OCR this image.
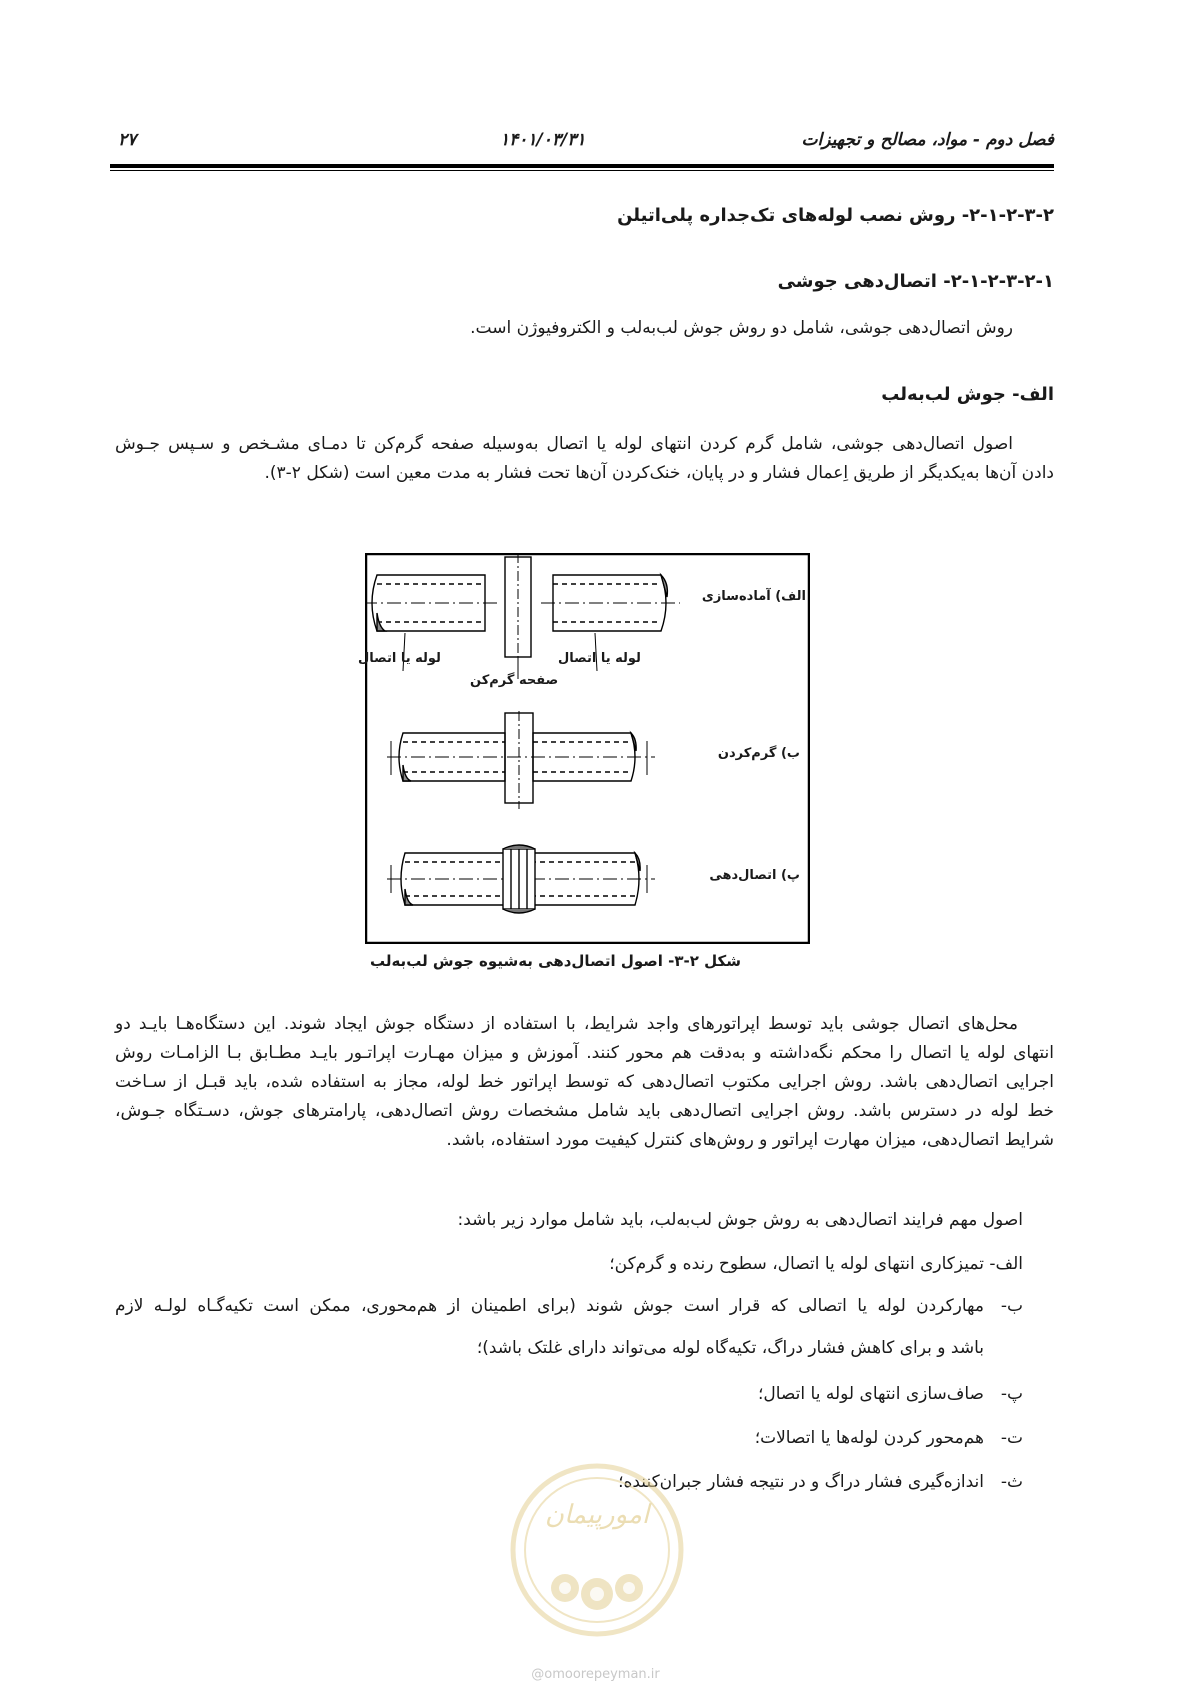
۲۷	۱۴۰۱/۰۳/۳۱	فصل دوم - مواد، مصالح و تجهیزات
۲-۱-۲-۳-۲- روش نصب لوله‌های تک‌جداره پلی‌اتیلن
۲-۱-۲-۳-۲-۱- اتصال‌دهی جوشی
روش اتصال‌دهی جوشی، شامل دو روش جوش لب‌به‌لب و الکتروفیوژن است.
الف- جوش لب‌به‌لب
اصول اتصال‌دهی جوشی، شامل گرم کردن انتهای لوله یا اتصال به‌وسیله صفحه گرم‌کن تا دمـای مشـخص و سـپس جـوش
دادن آن‌ها به‌یکدیگر از طریق اِعمال فشار و در پایان، خنک‌کردن آن‌ها تحت فشار به مدت معین است (شکل ۲-۳).
الف) آماده‌سازی
لوله یا اتصال
صفحه گرم‌کن
لوله یا اتصال
ب) گرم‌کردن
پ) اتصال‌دهی
شکل ۲-۳- اصول اتصال‌دهی به‌شیوه جوش لب‌به‌لب
محل‌های اتصال جوشی باید توسط اپراتورهای واجد شرایط، با استفاده از دستگاه جوش ایجاد شوند. این دستگاه‌هـا بایـد دو
انتهای لوله یا اتصال را محکم نگه‌داشته و به‌دقت هم محور کنند. آموزش و میزان مهـارت اپراتـور بایـد مطـابق بـا الزامـات روش
اجرایی اتصال‌دهی باشد. روش اجرایی مکتوب اتصال‌دهی که توسط اپراتور خط لوله، مجاز به استفاده شده، باید قبـل از سـاخت
خط لوله در دسترس باشد. روش اجرایی اتصال‌دهی باید شامل مشخصات روش اتصال‌دهی، پارامترهای جوش، دسـتگاه جـوش،
شرایط اتصال‌دهی، میزان مهارت اپراتور و روش‌های کنترل کیفیت مورد استفاده، باشد.
اصول مهم فرایند اتصال‌دهی به روش جوش لب‌به‌لب، باید شامل موارد زیر باشد:
الف- تمیزکاری انتهای لوله یا اتصال، سطوح رنده و گرم‌کن؛
ب-
مهارکردن لوله یا اتصالی که قرار است جوش شوند (برای اطمینان از هم‌محوری، ممکن است تکیه‌گـاه لولـه لازم
باشد و برای کاهش فشار دراگ، تکیه‌گاه لوله می‌تواند دارای غلتک باشد)؛
پ-
صاف‌سازی انتهای لوله یا اتصال؛
ت-
هم‌محور کردن لوله‌ها یا اتصالات؛
ث-
اندازه‌گیری فشار دراگ و در نتیجه فشار جبران‌کننده؛
امورپیمان
@omoorepeyman.ir
